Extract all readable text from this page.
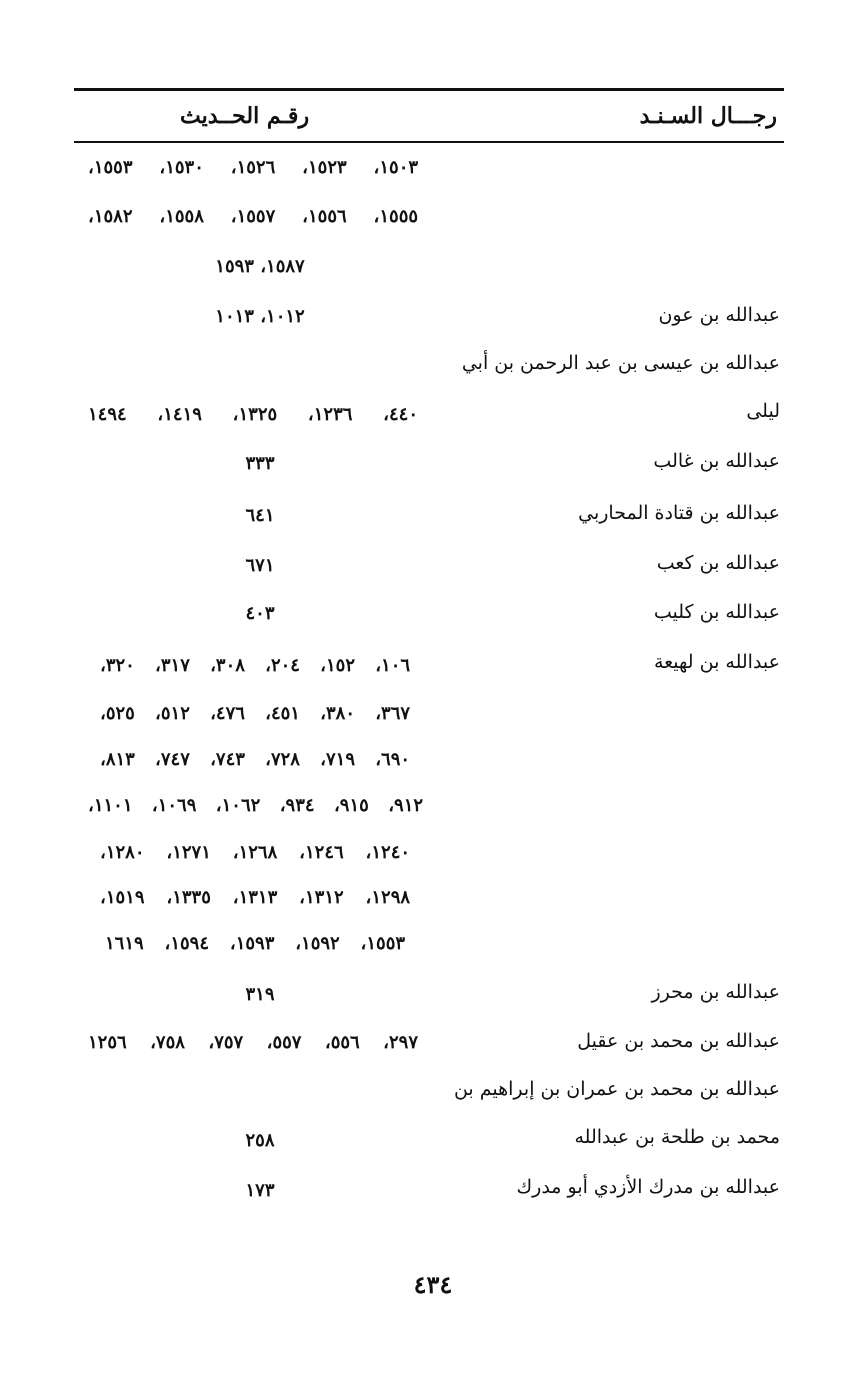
رجـــال السـنـد
رقـم الحــديث
١٥٠٣، ١٥٢٣، ١٥٢٦، ١٥٣٠، ١٥٥٣،
١٥٥٥، ١٥٥٦، ١٥٥٧، ١٥٥٨، ١٥٨٢،
١٥٨٧، ١٥٩٣
عبدالله بن عون
١٠١٢، ١٠١٣
عبدالله بن عيسى بن عبد الرحمن بن أبي
ليلى
٤٤٠، ١٢٣٦، ١٣٢٥، ١٤١٩، ١٤٩٤
عبدالله بن غالب
٣٣٣
عبدالله بن قتادة المحاربي
٦٤١
عبدالله بن كعب
٦٧١
عبدالله بن كليب
٤٠٣
عبدالله بن لهيعة
١٠٦، ١٥٢، ٢٠٤، ٣٠٨، ٣١٧، ٣٢٠،
٣٦٧، ٣٨٠، ٤٥١، ٤٧٦، ٥١٢، ٥٢٥،
٦٩٠، ٧١٩، ٧٢٨، ٧٤٣، ٧٤٧، ٨١٣،
٩١٢، ٩١٥، ٩٣٤، ١٠٦٢، ١٠٦٩، ١١٠١،
١٢٤٠، ١٢٤٦، ١٢٦٨، ١٢٧١، ١٢٨٠،
١٢٩٨، ١٣١٢، ١٣١٣، ١٣٣٥، ١٥١٩،
١٥٥٣، ١٥٩٢، ١٥٩٣، ١٥٩٤، ١٦١٩
عبدالله بن محرز
٣١٩
عبدالله بن محمد بن عقيل
٢٩٧، ٥٥٦، ٥٥٧، ٧٥٧، ٧٥٨، ١٢٥٦
عبدالله بن محمد بن عمران بن إبراهيم بن
محمد بن طلحة بن عبدالله
٢٥٨
عبدالله بن مدرك الأزدي أبو مدرك
١٧٣
٤٣٤
